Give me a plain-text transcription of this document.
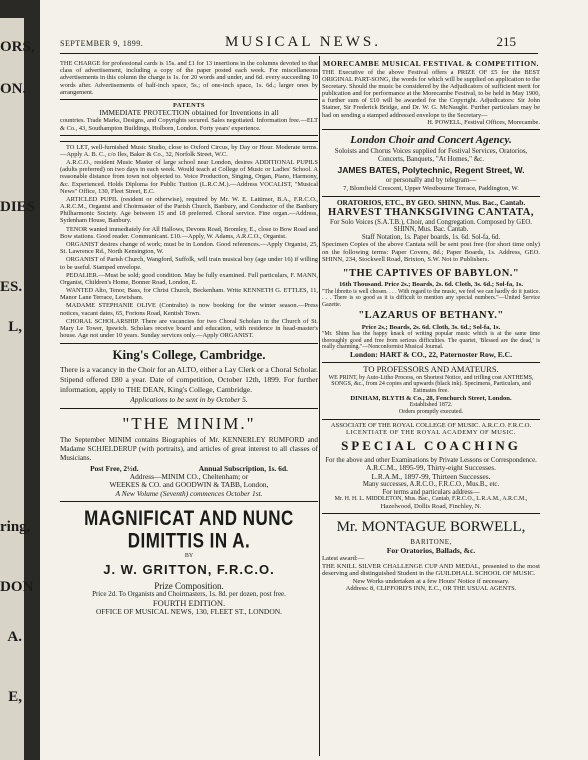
ORS,
ON.
DIES
ES.
L,
ring,
DON
A.
E,
SEPTEMBER 9, 1899.	MUSICAL NEWS.	215

THE CHARGE for professional cards is 15s. and £1 for 13 insertions in the columns devoted to that class of advertisement, including a copy of the paper posted each week. For miscellaneous advertisements in this column the charge is 1s. for 20 words and under, and 6d. every succeeding 10 words after. Advertisements of half-inch space, 5s.; of one-inch space, 1s. 6d.; larger ones by arrangement.

PATENTS

IMMEDIATE PROTECTION obtained for Inventions in all

countries. Trade Marks, Designs, and Copyrights secured. Sales negotiated. Information free.—ELT & Co., 43, Southampton Buildings, Holborn, London. Forty years' experience.

TO LET, well-furnished Music Studio, close to Oxford Circus, by Day or Hour. Moderate terms.—Apply A. B. C., c/o Iles, Baker & Co., 32, Norfolk Street, W.C.

A.R.C.O., resident Music Master of large school near London, desires ADDITIONAL PUPILS (adults preferred) on two days in each week. Would teach at College of Music or Ladies' School. A reasonable distance from town not objected to. Voice Production, Singing, Organ, Piano, Harmony, &c. Experienced. Holds Diploma for Public Tuition (L.R.C.M.).—Address VOCALIST, "Musical News" Office, 130, Fleet Street, E.C.

ARTICLED PUPIL (resident or otherwise), required by Mr. W. E. Lattimer, B.A., F.R.C.O., A.R.C.M., Organist and Choirmaster of the Parish Church, Banbury, and Conductor of the Banbury Philharmonic Society. Age between 15 and 18 preferred. Choral service. Fine organ.—Address, Sydenham House, Banbury.

TENOR wanted immediately for All Hallows, Devons Road, Bromley, E., close to Bow Road and Bow stations. Good reader. Communicant. £10.—Apply, W. Adams, A.R.C.O., Organist.

ORGANIST desires change of work; must be in London. Good references.—Apply Organist, 25, St. Lawrence Rd., North Kensington, W.

ORGANIST of Parish Church, Wangford, Suffolk, will train musical boy (age under 16) if willing to be useful. Stamped envelope.

PEDALIER.—Must be sold; good condition. May be fully examined. Full particulars, F. MANN, Organist, Children's Home, Bonner Road, London, E.

WANTED Alto, Tenor, Bass, for Christ Church, Beckenham. Write KENNETH G. ETTLES, 11, Manor Lane Terrace, Lewisham.

MADAME STEPHANIE OLIVE (Contralto) is now booking for the winter season.—Press notices, vacant dates, 65, Forions Road, Kentish Town.

CHORAL SCHOLARSHIP. There are vacancies for two Choral Scholars in the Church of St. Mary Le Tower, Ipswich. Scholars receive board and education, with residence in head-master's house. Age not under 10 years. Sunday services only.—Apply ORGANIST.

King's College, Cambridge.

There is a vacancy in the Choir for an ALTO, either a Lay Clerk or a Choral Scholar. Stipend offered £80 a year. Date of competition, October 12th, 1899. For further information, apply to THE DEAN, King's College, Cambridge.

Applications to be sent in by October 5.

"THE MINIM."

The September MINIM contains Biographies of Mr. KENNERLEY RUMFORD and Madame SCHJELDERUP (with portraits), and articles of great interest to all classes of Musicians.

Post Free, 2½d.	Annual Subscription, 1s. 6d.

Address—MINIM CO., Cheltenham; or

WEEKES & CO. and GOODWIN & TABB, London,

A New Volume (Seventh) commences October 1st.

MAGNIFICAT AND NUNC
DIMITTIS IN A.

BY

J. W. GRITTON, F.R.C.O.

Prize Composition.

Price 2d. To Organists and Choirmasters, 1s. 8d. per dozen, post free.

FOURTH EDITION.

OFFICE OF MUSICAL NEWS, 130, FLEET ST., LONDON.

MORECAMBE MUSICAL FESTIVAL & COMPETITION.

THE Executive of the above Festival offers a PRIZE OF £5 for the BEST ORIGINAL PART-SONG, the words for which will be supplied on application to the Secretary. Should the music be considered by the Adjudicators of sufficient merit for publication and for performance at the Morecambe Festival, to be held in May 1900, a further sum of £10 will be awarded for the Copyright. Adjudicators: Sir John Stainer, Sir Frederick Bridge, and Dr. W. G. McNaught. Further particulars may be had on sending a stamped addressed envelope to the Secretary—

H. POWELL, Festival Offices, Morecambe.

London Choir and Concert Agency.

Soloists and Chorus Voices supplied for Festival Services, Oratorios, Concerts, Banquets, "At Homes," &c.

JAMES BATES, Polytechnic, Regent Street, W.

or personally and by telegram—

7, Blomfield Crescent, Upper Westbourne Terrace, Paddington, W.

ORATORIOS, ETC., BY GEO. SHINN, Mus. Bac., Cantab.

HARVEST THANKSGIVING CANTATA,

For Solo Voices (S.A.T.B.), Choir, and Congregation. Composed by GEO. SHINN, Mus. Bac. Cantab.

Staff Notation, 1s. Paper boards, 1s. 6d. Sol-fa, 6d.

Specimen Copies of the above Cantata will be sent post free (for short time only) on the following terms: Paper Covers, 8d.; Paper Boards, 1s. Address, GEO. SHINN, 234, Stockwell Road, Brixton, S.W. Not to Publishers.

"THE CAPTIVES OF BABYLON."

16th Thousand. Price 2s.; Boards, 2s. 6d. Cloth, 3s. 6d.; Sol-fa, 1s.

"The libretto is well chosen. . . . With regard to the music, we feel we can hardly do it justice. . . . There is so good as it is difficult to mention any special numbers."—United Service Gazette.

"LAZARUS OF BETHANY."

Price 2s.; Boards, 2s. 6d. Cloth, 3s. 6d.; Sol-fa, 1s.

"Mr. Shinn has the happy knack of writing popular music which is at the same time thoroughly good and free from serious difficulties. The quartet, 'Blessed are the dead,' is really charming."—Nonconformist Musical Journal.

London: HART & CO., 22, Paternoster Row, E.C.

TO PROFESSORS AND AMATEURS.

WE PRINT, by Auto-Litho Process, on Shortest Notice, and trifling cost ANTHEMS, SONGS, &c., from 24 copies and upwards (black ink). Specimens, Particulars, and Estimates free.

DINHAM, BLYTH & Co., 28, Fenchurch Street, London.

Established 1872.

Orders promptly executed.

ASSOCIATE OF THE ROYAL COLLEGE OF MUSIC. A.R.C.O. F.R.C.O.

LICENTIATE OF THE ROYAL ACADEMY OF MUSIC.

SPECIAL COACHING

For the above and other Examinations by Private Lessons or Correspondence.

A.R.C.M., 1895-99, Thirty-eight Successes.

L.R.A.M., 1897-99, Thirteen Successes.

Many successes, A.R.C.O., F.R.C.O., Mus.B., etc.

For terms and particulars address—

Mr. H. H. L. MIDDLETON, Mus. Bac., Cantab, F.R.C.O., L.R.A.M., A.R.C.M.,

Hazelwood, Dollis Road, Finchley, N.

Mr. MONTAGUE BORWELL,

BARITONE,

For Oratorios, Ballads, &c.

Latest award:—

THE KNILL SILVER CHALLENGE CUP AND MEDAL, presented to the most deserving and distinguished Student in the GUILDHALL SCHOOL OF MUSIC.

New Works undertaken at a few Hours' Notice if necessary.

Address: 8, CLIFFORD'S INN, E.C., OR THE USUAL AGENTS.
